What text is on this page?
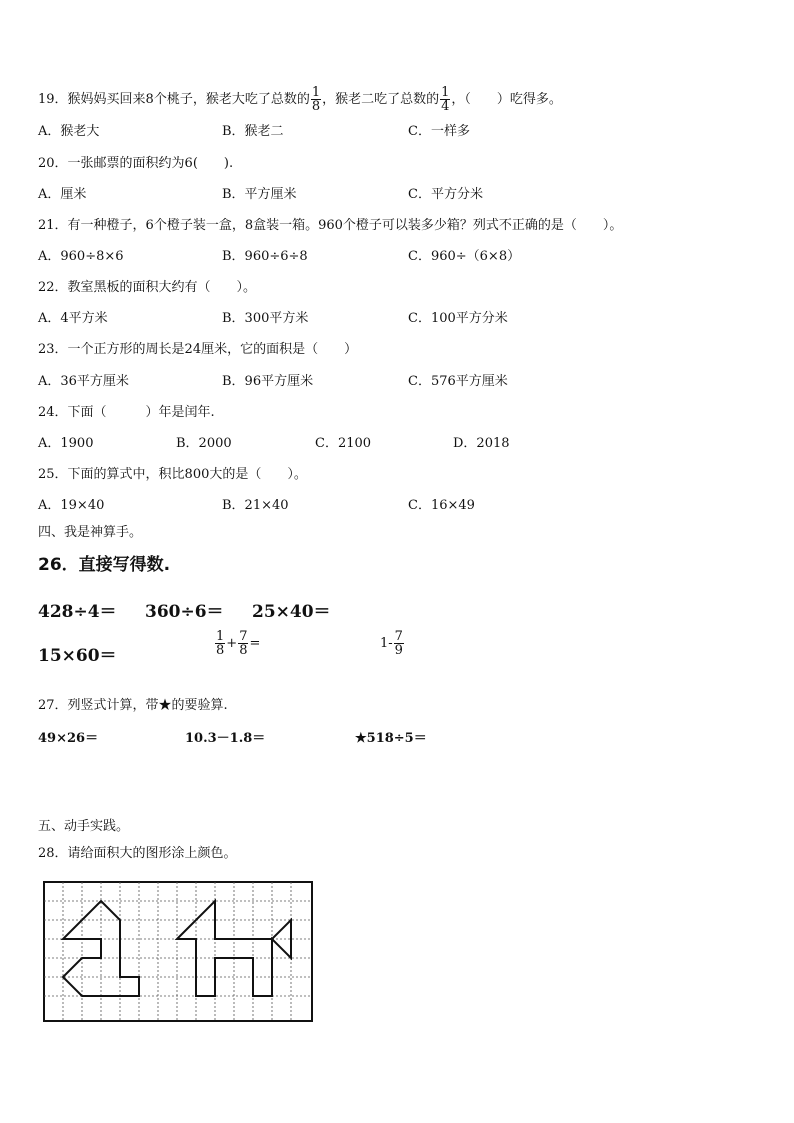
19．猴妈妈买回来8个桃子，猴老大吃了总数的 $\frac{1}{8}$ ，猴老二吃了总数的 $\frac{1}{4}$ ，（　　）吃得多。
A．猴老大	B．猴老二	C．一样多
20．一张邮票的面积约为6(　　).
A．厘米	B．平方厘米	C．平方分米
21．有一种橙子，6个橙子装一盒，8盒装一箱。960个橙子可以装多少箱？列式不正确的是（　　）。
A．960÷8×6	B．960÷6÷8	C．960÷（6×8）
22．教室黑板的面积大约有（　　）。
A．4平方米	B．300平方米	C．100平方分米
23．一个正方形的周长是24厘米，它的面积是（　　）
A．36平方厘米	B．96平方厘米	C．576平方厘米
24．下面（　　　）年是闰年.
A．1900	B．2000	C．2100	D．2018
25．下面的算式中，积比800大的是（　　）。
A．19×40	B．21×40	C．16×49
四、我是神算手。
26．直接写得数.
428÷4＝ 360÷6＝ 25×40＝
15×60＝	$\frac{1}{8} + \frac{7}{8}$ =	$1- \frac{7}{9}$
27．列竖式计算，带★的要验算.
49×26＝	10.3－1.8＝	★518÷5＝
五、动手实践。
28．请给面积大的图形涂上颜色。
